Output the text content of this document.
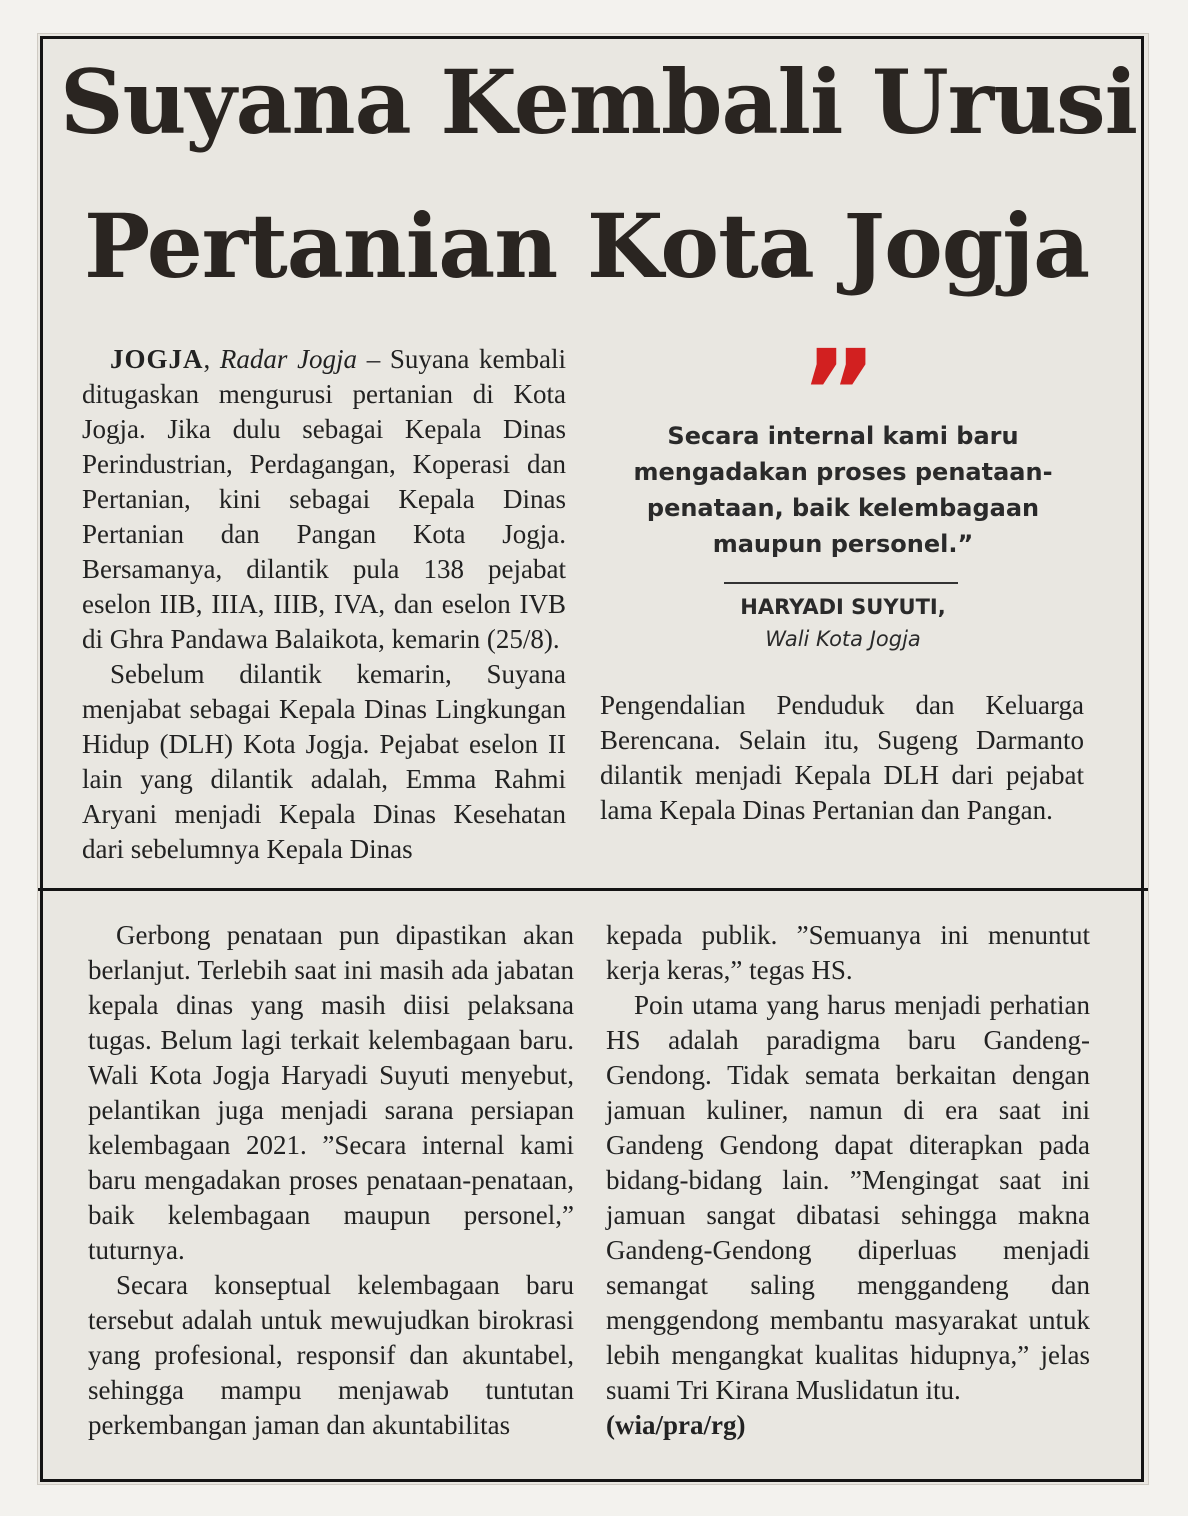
Suyana Kembali Urusi
Pertanian Kota Jogja

JOGJA, Radar Jogja – Suyana kembali ditugaskan mengurusi pertanian di Kota Jogja. Jika dulu sebagai Kepala Dinas Perindustrian, Perdagangan, Koperasi dan Pertanian, kini sebagai Kepala Dinas Pertanian dan Pangan Kota Jogja. Bersamanya, dilantik pula 138 pejabat eselon IIB, IIIA, IIIB, IVA, dan eselon IVB di Ghra Pandawa Balaikota, kemarin (25/8).

Sebelum dilantik kemarin, Suyana menjabat sebagai Kepala Dinas Lingkungan Hidup (DLH) Kota Jogja. Pejabat eselon II lain yang dilantik adalah, Emma Rahmi Aryani menjadi Kepala Dinas Kesehatan dari sebelumnya Kepala Dinas

”
Secara internal kami baru mengadakan proses penataan-penataan, baik kelembagaan maupun personel.”
HARYADI SUYUTI,
Wali Kota Jogja

Pengendalian Penduduk dan Keluarga Berencana. Selain itu, Sugeng Darmanto dilantik menjadi Kepala DLH dari pejabat lama Kepala Dinas Pertanian dan Pangan.

Gerbong penataan pun dipastikan akan berlanjut. Terlebih saat ini masih ada jabatan kepala dinas yang masih diisi pelaksana tugas. Belum lagi terkait kelembagaan baru. Wali Kota Jogja Haryadi Suyuti menyebut, pelantikan juga menjadi sarana persiapan kelembagaan 2021. ”Secara internal kami baru mengadakan proses penataan-penataan, baik kelembagaan maupun personel,” tuturnya.

Secara konseptual kelembagaan baru tersebut adalah untuk mewujudkan birokrasi yang profesional, responsif dan akuntabel, sehingga mampu menjawab tuntutan perkembangan jaman dan akuntabilitas

kepada publik. ”Semuanya ini menuntut kerja keras,” tegas HS.

Poin utama yang harus menjadi perhatian HS adalah paradigma baru Gandeng-Gendong. Tidak semata berkaitan dengan jamuan kuliner, namun di era saat ini Gandeng Gendong dapat diterapkan pada bidang-bidang lain. ”Mengingat saat ini jamuan sangat dibatasi sehingga makna Gandeng-Gendong diperluas menjadi semangat saling menggandeng dan menggendong membantu masyarakat untuk lebih mengangkat kualitas hidupnya,” jelas suami Tri Kirana Muslidatun itu.

(wia/pra/rg)
